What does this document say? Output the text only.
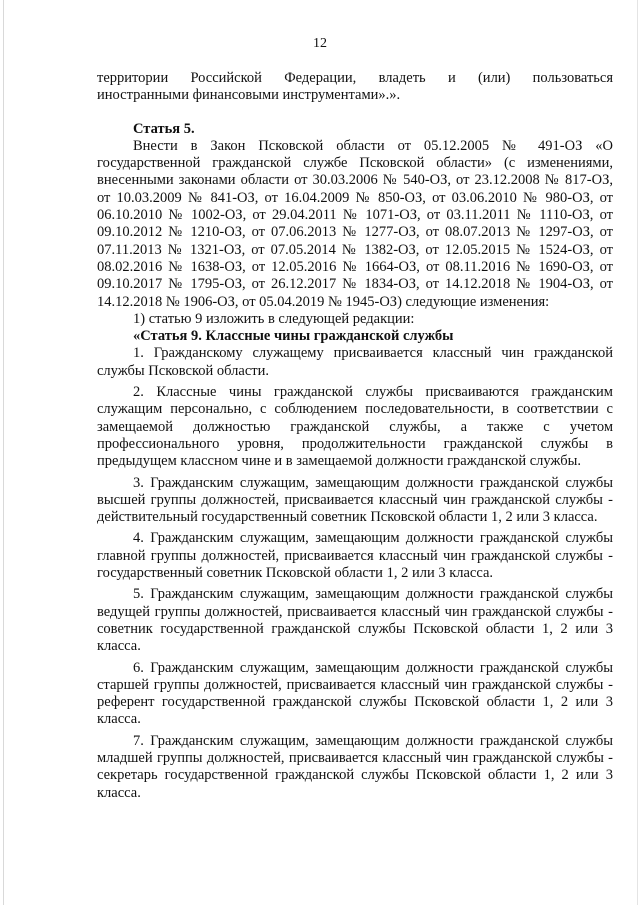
12

территории Российской Федерации, владеть и (или) пользоваться

иностранными финансовыми инструментами».».

Статья 5.

Внести в Закон Псковской области от 05.12.2005 № 491-ОЗ «О государственной гражданской службе Псковской области» (с изменениями, внесенными законами области от 30.03.2006 № 540-ОЗ, от 23.12.2008 № 817-ОЗ, от 10.03.2009 № 841-ОЗ, от 16.04.2009 № 850-ОЗ, от 03.06.2010 № 980-ОЗ, от 06.10.2010 № 1002-ОЗ, от 29.04.2011 № 1071-ОЗ, от 03.11.2011 № 1110-ОЗ, от 09.10.2012 № 1210-ОЗ, от 07.06.2013 № 1277-ОЗ, от 08.07.2013 № 1297-ОЗ, от 07.11.2013 № 1321-ОЗ, от 07.05.2014 № 1382-ОЗ, от 12.05.2015 № 1524-ОЗ, от 08.02.2016 № 1638-ОЗ, от 12.05.2016 № 1664-ОЗ, от 08.11.2016 № 1690-ОЗ, от 09.10.2017 № 1795-ОЗ, от 26.12.2017 № 1834-ОЗ, от 14.12.2018 № 1904-ОЗ, от 14.12.2018 № 1906-ОЗ, от 05.04.2019 № 1945-ОЗ) следующие изменения:

1) статью 9 изложить в следующей редакции:

«Статья 9. Классные чины гражданской службы

1. Гражданскому служащему присваивается классный чин гражданской службы Псковской области.

2. Классные чины гражданской службы присваиваются гражданским служащим персонально, с соблюдением последовательности, в соответствии с замещаемой должностью гражданской службы, а также с учетом профессионального уровня, продолжительности гражданской службы в предыдущем классном чине и в замещаемой должности гражданской службы.

3. Гражданским служащим, замещающим должности гражданской службы высшей группы должностей, присваивается классный чин гражданской службы - действительный государственный советник Псковской области 1, 2 или 3 класса.

4. Гражданским служащим, замещающим должности гражданской службы главной группы должностей, присваивается классный чин гражданской службы - государственный советник Псковской области 1, 2 или 3 класса.

5. Гражданским служащим, замещающим должности гражданской службы ведущей группы должностей, присваивается классный чин гражданской службы - советник государственной гражданской службы Псковской области 1, 2 или 3 класса.

6. Гражданским служащим, замещающим должности гражданской службы старшей группы должностей, присваивается классный чин гражданской службы - референт государственной гражданской службы Псковской области 1, 2 или 3 класса.

7. Гражданским служащим, замещающим должности гражданской службы младшей группы должностей, присваивается классный чин гражданской службы - секретарь государственной гражданской службы Псковской области 1, 2 или 3 класса.
